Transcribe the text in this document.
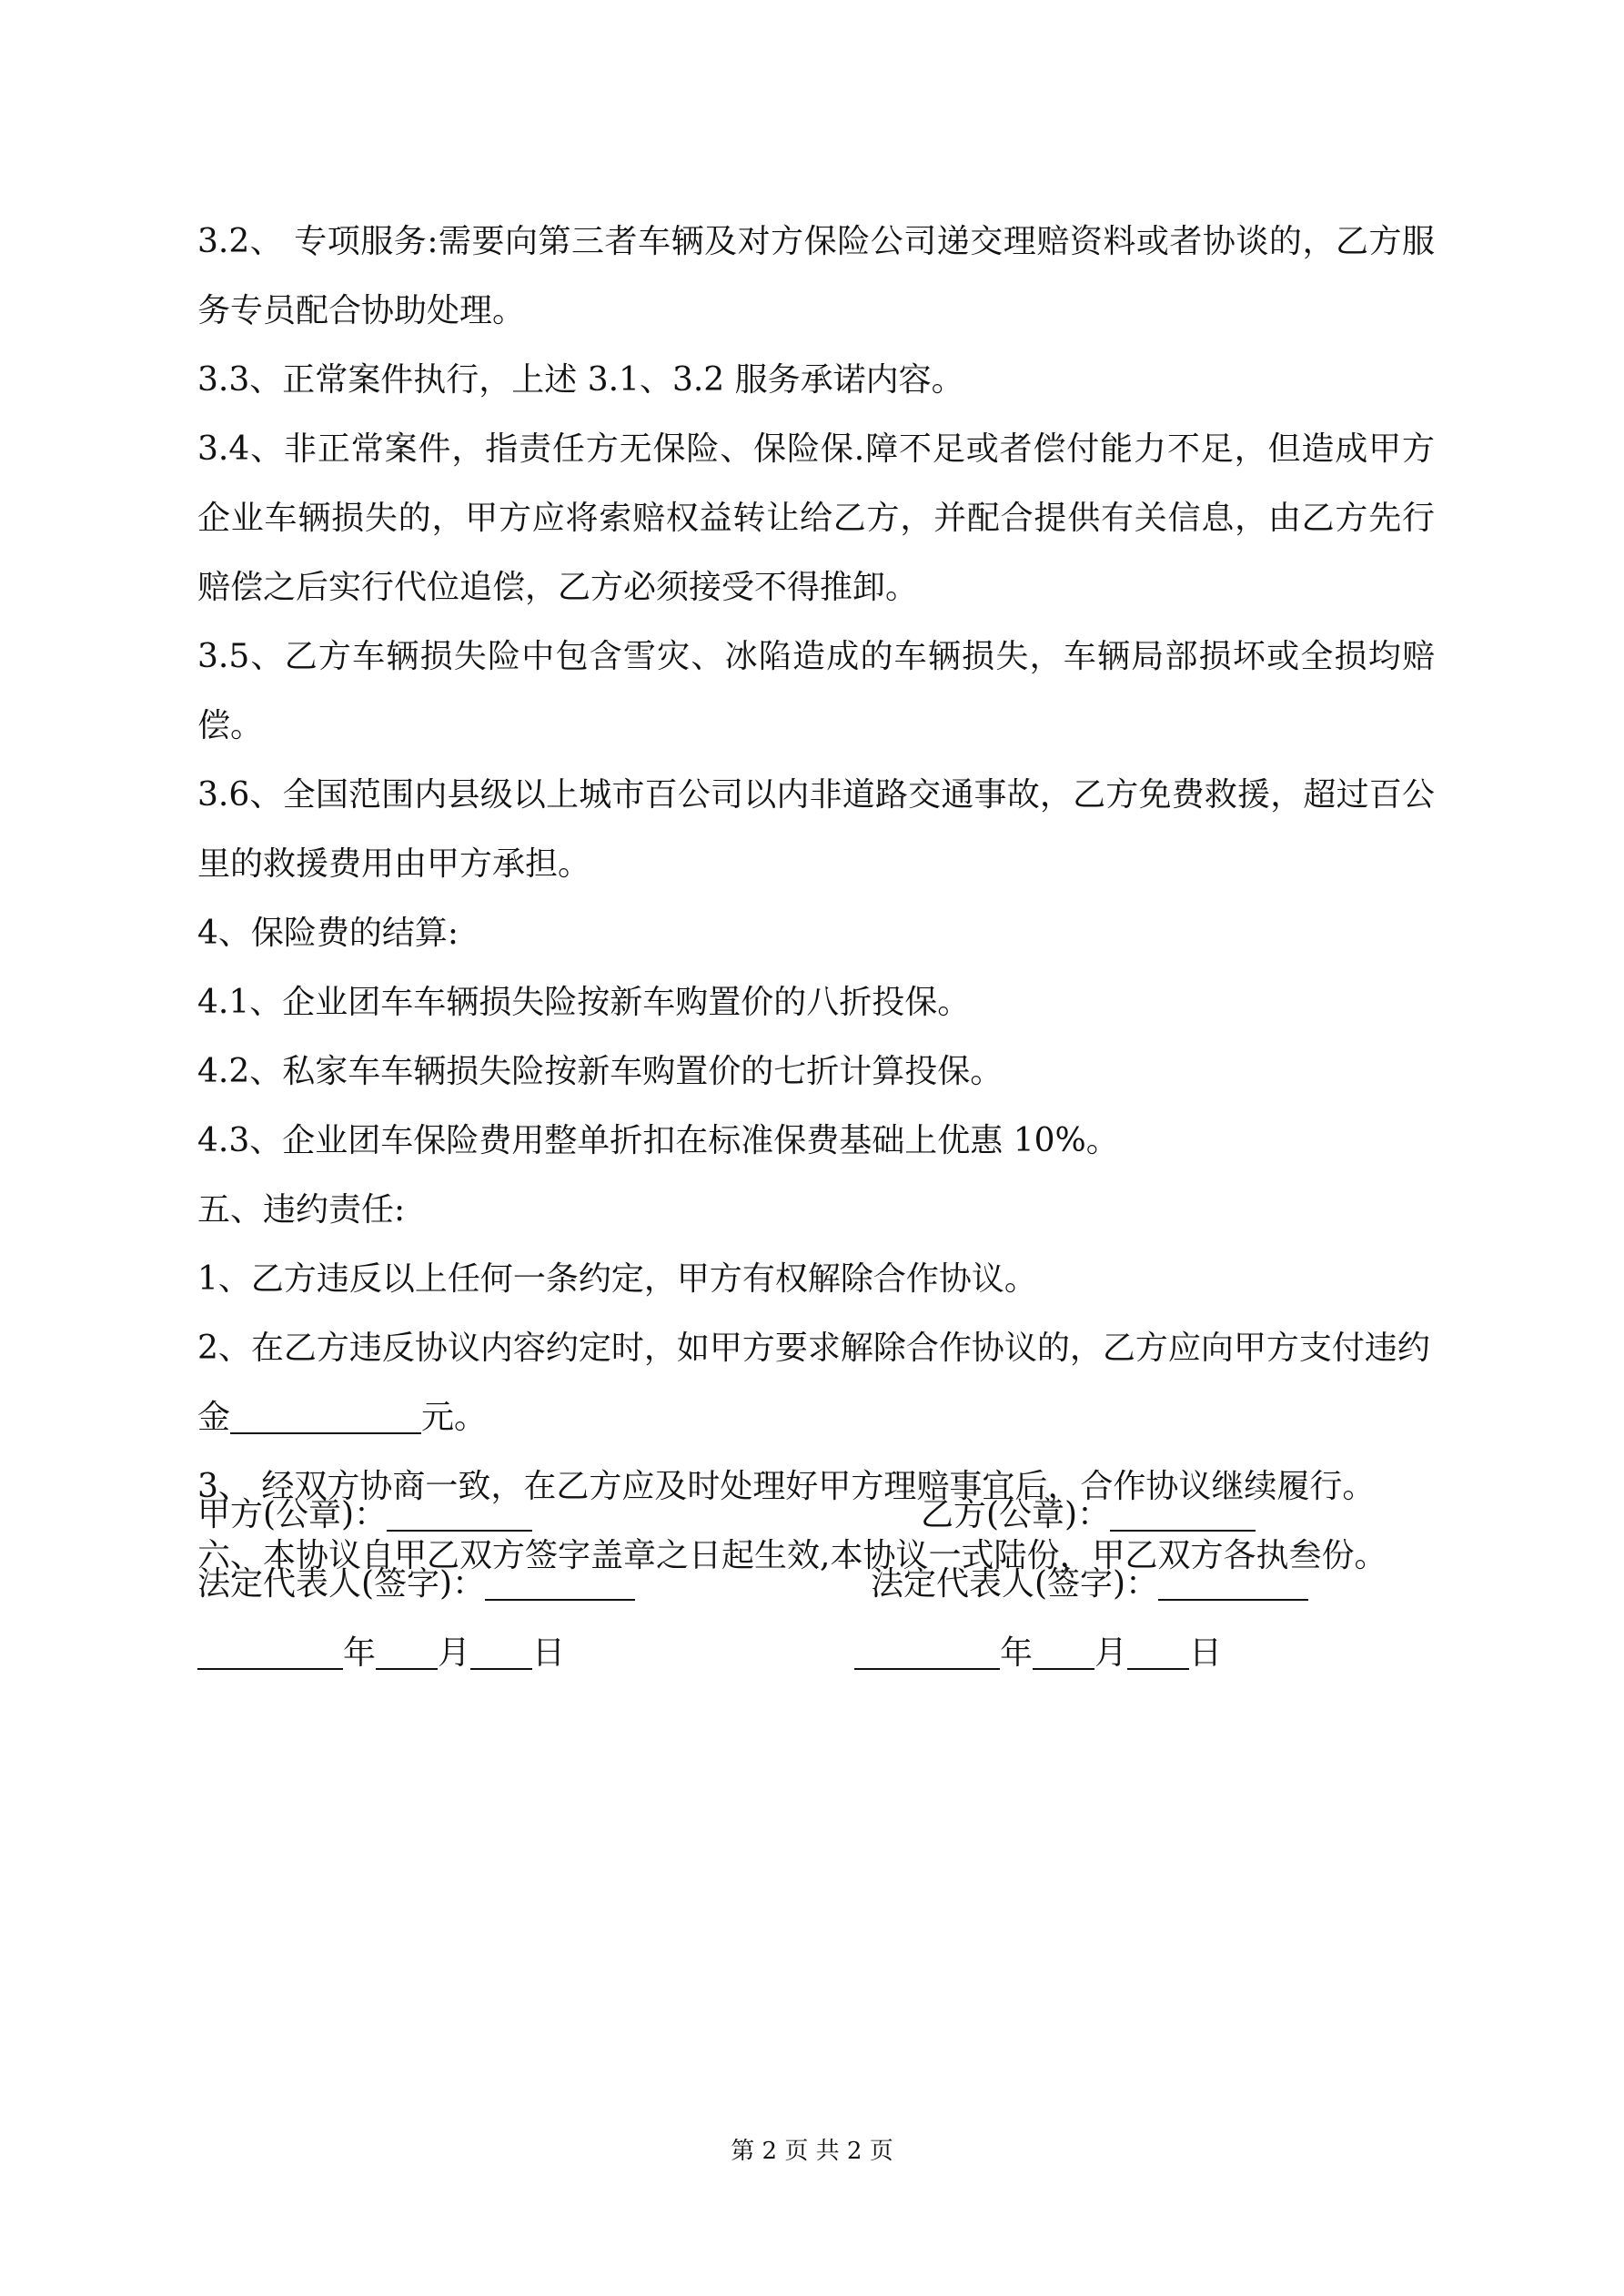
3.2、 专项服务:需要向第三者车辆及对方保险公司递交理赔资料或者协谈的，乙方服务专员配合协助处理。

3.3、正常案件执行，上述 3.1、3.2 服务承诺内容。

3.4、非正常案件，指责任方无保险、保险保.障不足或者偿付能力不足，但造成甲方企业车辆损失的，甲方应将索赔权益转让给乙方，并配合提供有关信息，由乙方先行赔偿之后实行代位追偿，乙方必须接受不得推卸。

3.5、乙方车辆损失险中包含雪灾、冰陷造成的车辆损失，车辆局部损坏或全损均赔偿。

3.6、全国范围内县级以上城市百公司以内非道路交通事故，乙方免费救援，超过百公里的救援费用由甲方承担。

4、保险费的结算:

4.1、企业团车车辆损失险按新车购置价的八折投保。

4.2、私家车车辆损失险按新车购置价的七折计算投保。

4.3、企业团车保险费用整单折扣在标准保费基础上优惠 10%。

五、违约责任:

1、乙方违反以上任何一条约定，甲方有权解除合作协议。

2、在乙方违反协议内容约定时，如甲方要求解除合作协议的，乙方应向甲方支付违约

金	元。

3、 经双方协商一致，在乙方应及时处理好甲方理赔事宜后，合作协议继续履行。

六、本协议自甲乙双方签字盖章之日起生效,本协议一式陆份，甲乙双方各执叁份。

甲方(公章)：	乙方(公章)：
法定代表人(签字)：	法定代表人(签字)：
年 月 日	年 月 日
第 2 页 共 2 页
